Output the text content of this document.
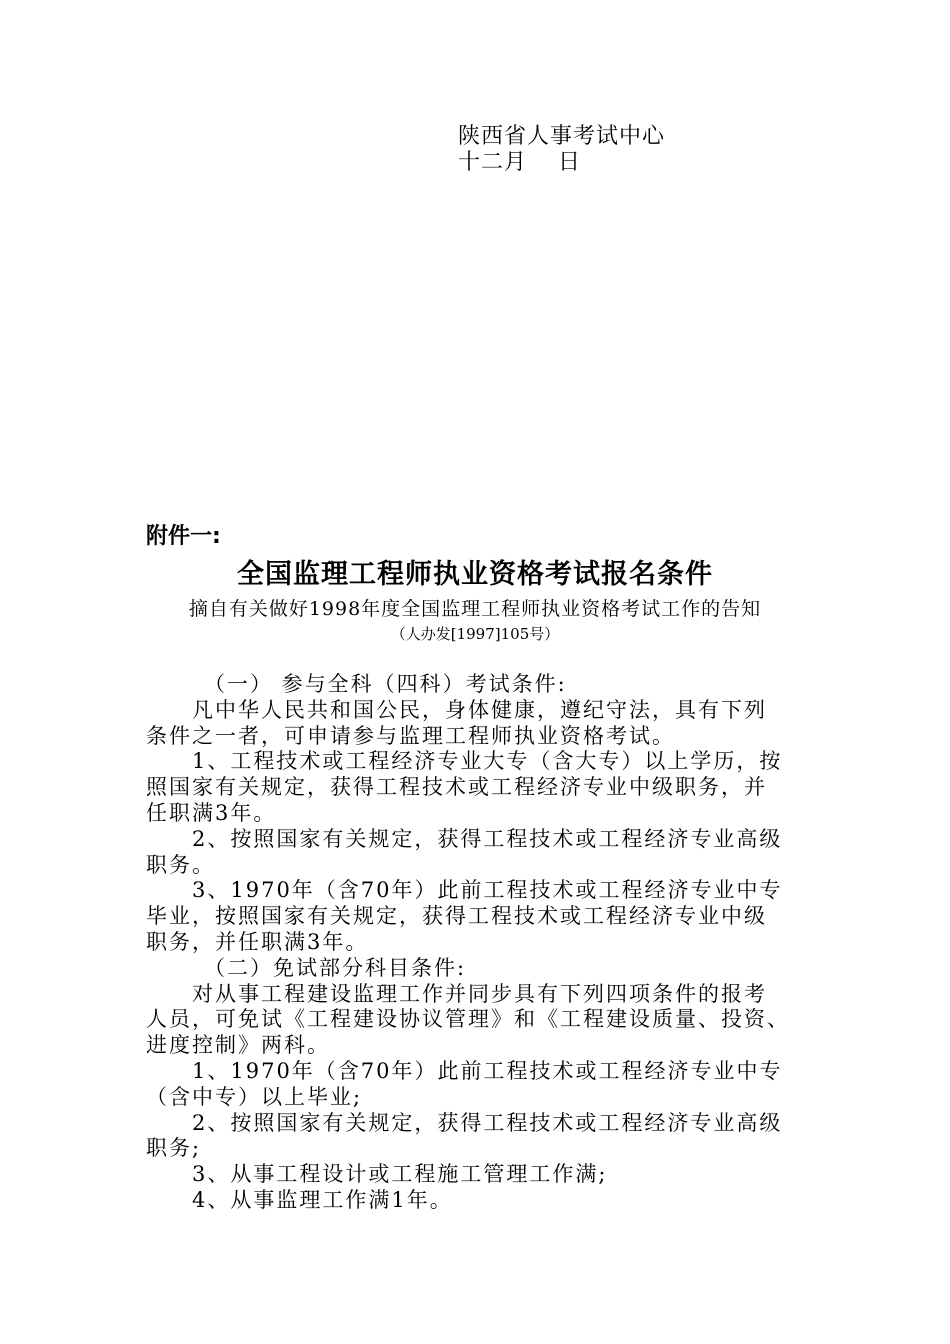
陕西省人事考试中心
十二月　 日
附件一:
全国监理工程师执业资格考试报名条件
摘自有关做好1998年度全国监理工程师执业资格考试工作的告知
（人办发[1997]105号）
（一） 参与全科（四科）考试条件:
凡中华人民共和国公民，身体健康，遵纪守法，具有下列
条件之一者，可申请参与监理工程师执业资格考试。
1、工程技术或工程经济专业大专（含大专）以上学历，按
照国家有关规定，获得工程技术或工程经济专业中级职务，并
任职满3年。
2、按照国家有关规定，获得工程技术或工程经济专业高级
职务。
3、1970年（含70年）此前工程技术或工程经济专业中专
毕业，按照国家有关规定，获得工程技术或工程经济专业中级
职务，并任职满3年。
（二）免试部分科目条件:
对从事工程建设监理工作并同步具有下列四项条件的报考
人员，可免试《工程建设协议管理》和《工程建设质量、投资、
进度控制》两科。
1、1970年（含70年）此前工程技术或工程经济专业中专
（含中专）以上毕业;
2、按照国家有关规定，获得工程技术或工程经济专业高级
职务;
3、从事工程设计或工程施工管理工作满;
4、从事监理工作满1年。
